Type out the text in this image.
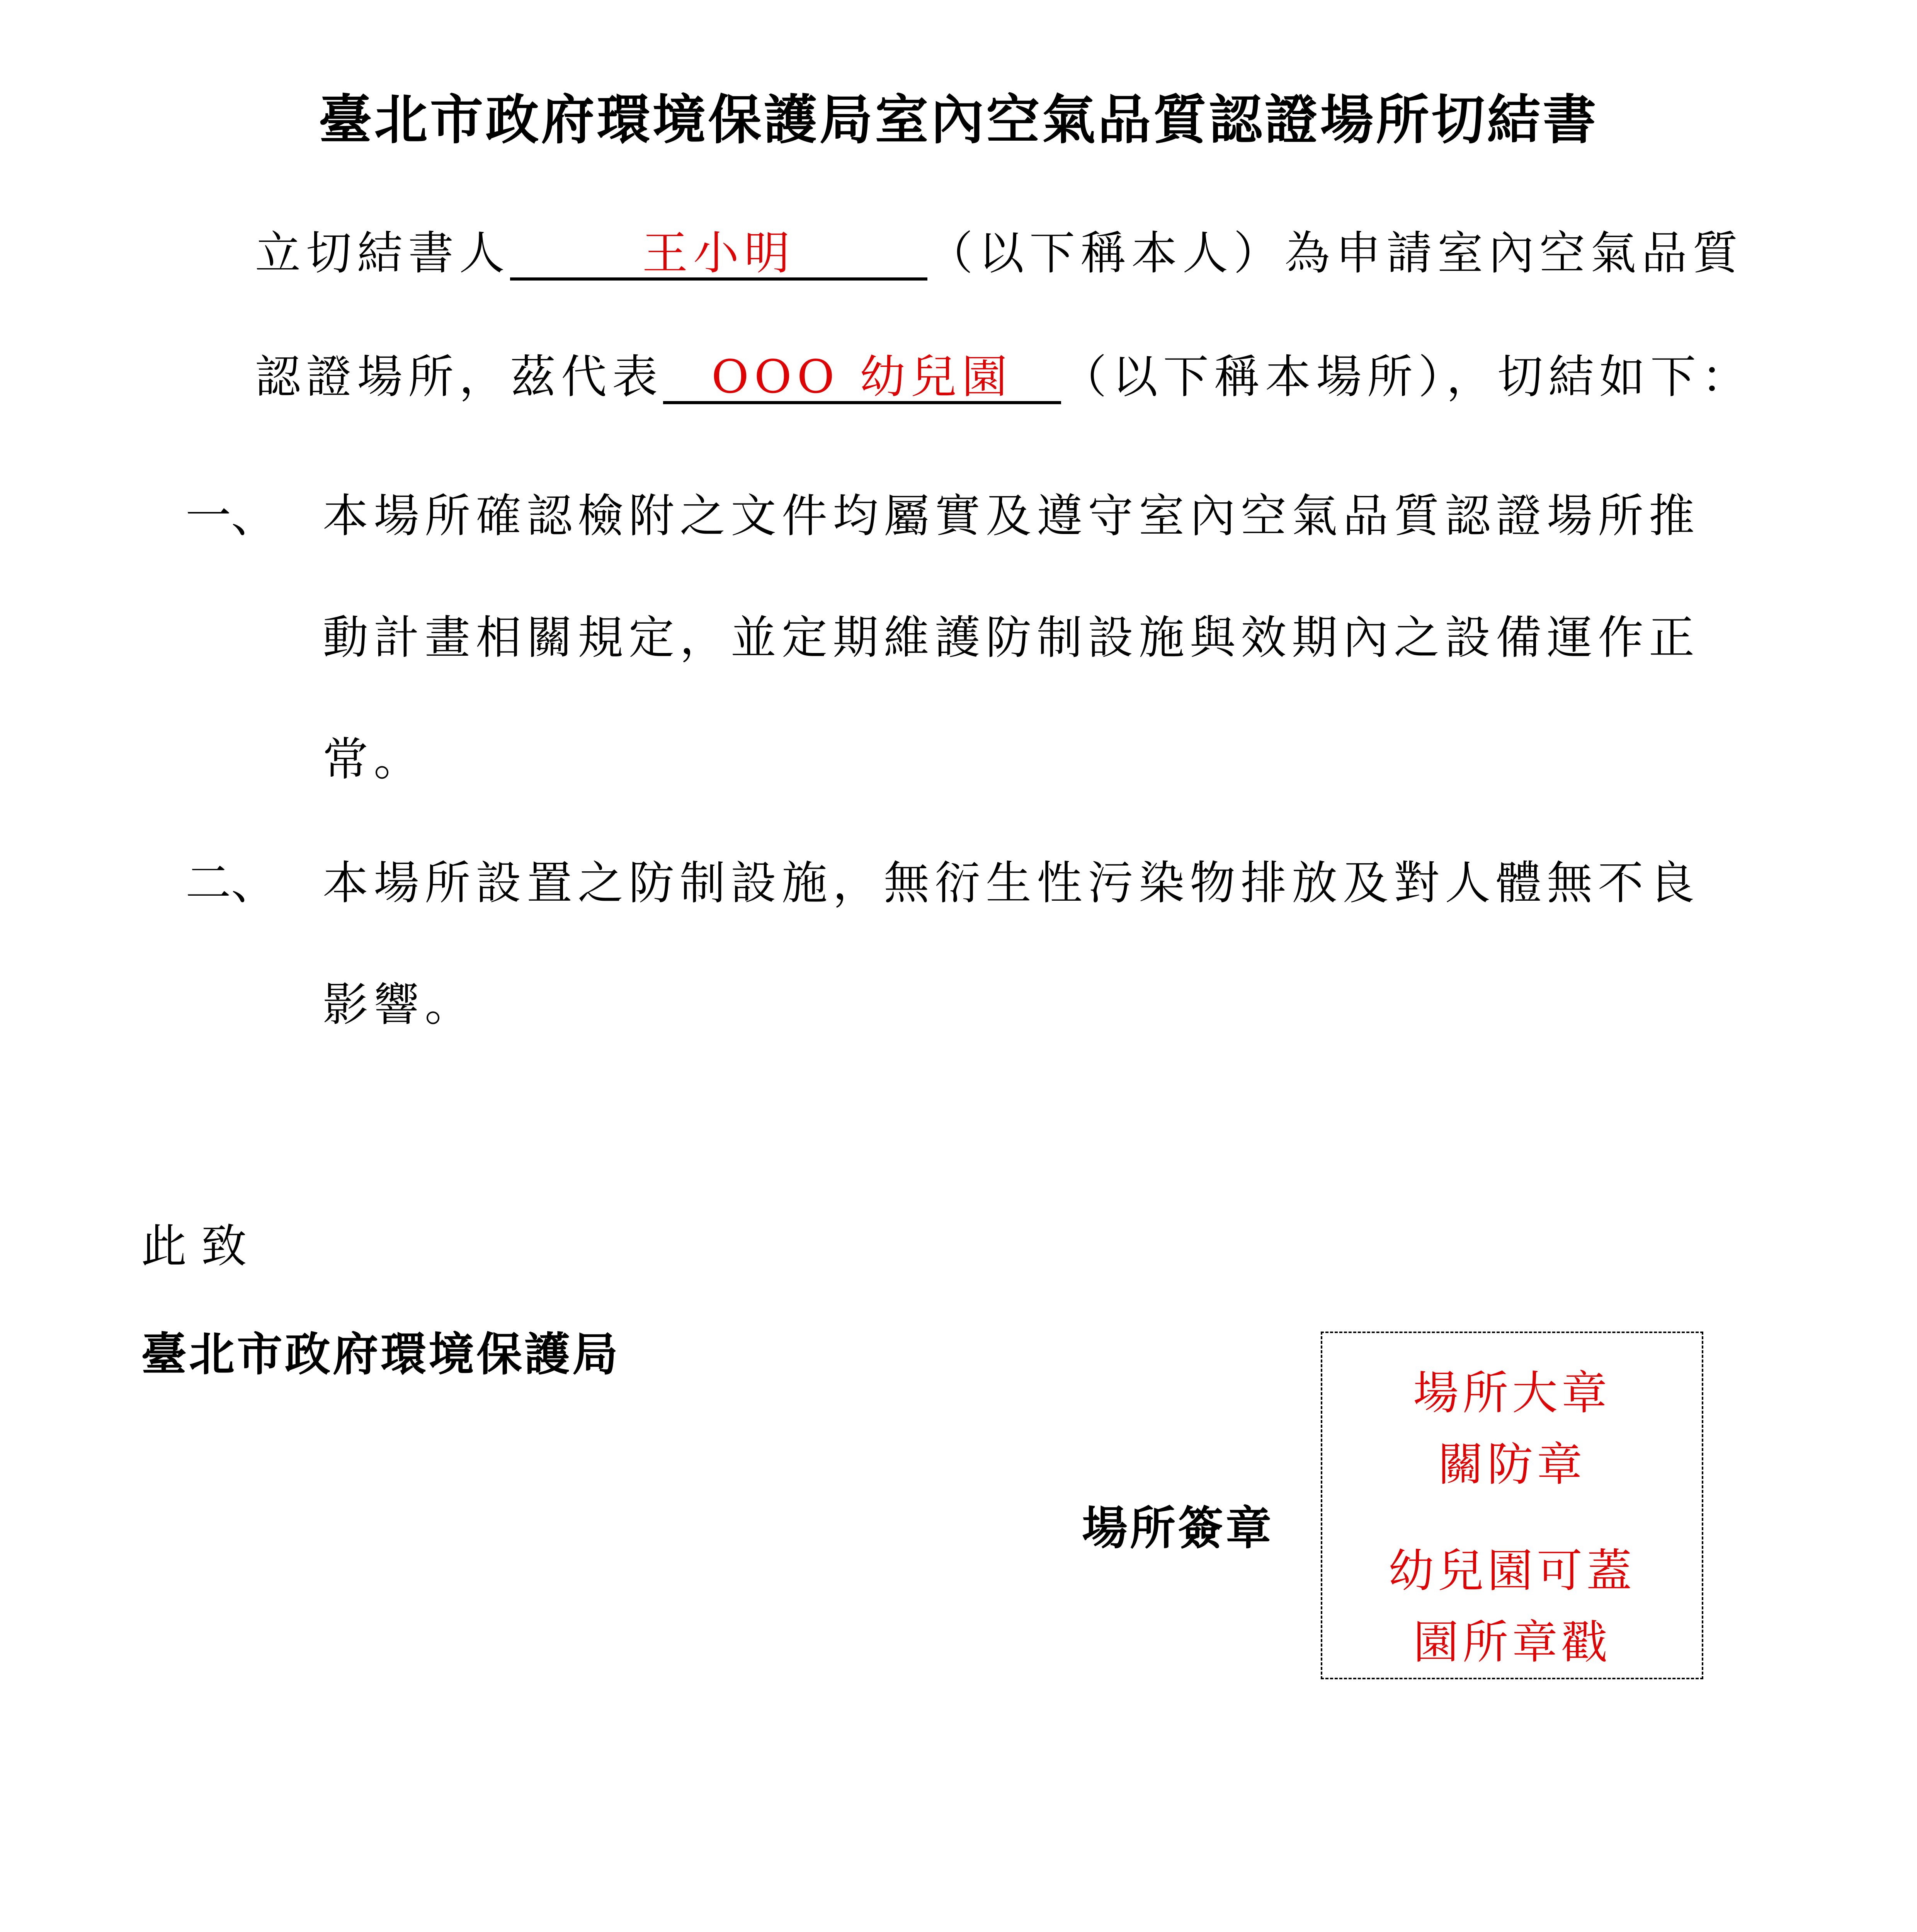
臺北市政府環境保護局室內空氣品質認證場所切結書
立切結書人	王小明	（以下稱本人）為申請室內空氣品質
認證場所，茲代表 OOO 幼兒園 （以下稱本場所），切結如下：
一、 本場所確認檢附之文件均屬實及遵守室內空氣品質認證場所推
動計畫相關規定，並定期維護防制設施與效期內之設備運作正
常。
二、 本場所設置之防制設施，無衍生性污染物排放及對人體無不良
影響。
此 致
臺北市政府環境保護局
場所簽章
場所大章
關防章
幼兒園可蓋
園所章戳
